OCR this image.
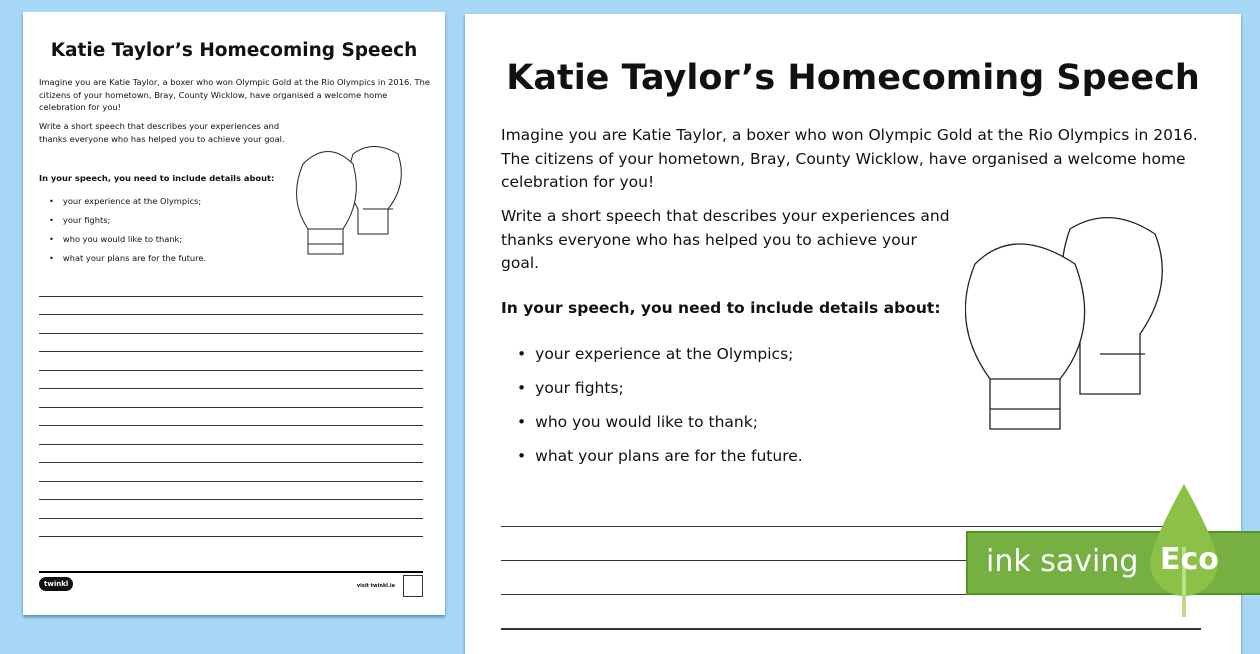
Katie Taylor’s Homecoming Speech

Imagine you are Katie Taylor, a boxer who won Olympic Gold at the Rio Olympics in 2016. The citizens of your hometown, Bray, County Wicklow, have organised a welcome home celebration for you!

Write a short speech that describes your experiences and thanks everyone who has helped you to achieve your goal.

In your speech, you need to include details about:

• your experience at the Olympics;
• your fights;
• who you would like to thank;
• what your plans are for the future.
twinkl	visit twinkl.ie
Katie Taylor’s Homecoming Speech

Imagine you are Katie Taylor, a boxer who won Olympic Gold at the Rio Olympics in 2016. The citizens of your hometown, Bray, County Wicklow, have organised a welcome home celebration for you!

Write a short speech that describes your experiences and thanks everyone who has helped you to achieve your goal.

In your speech, you need to include details about:

• your experience at the Olympics;
• your fights;
• who you would like to thank;
• what your plans are for the future.
ink saving Eco
